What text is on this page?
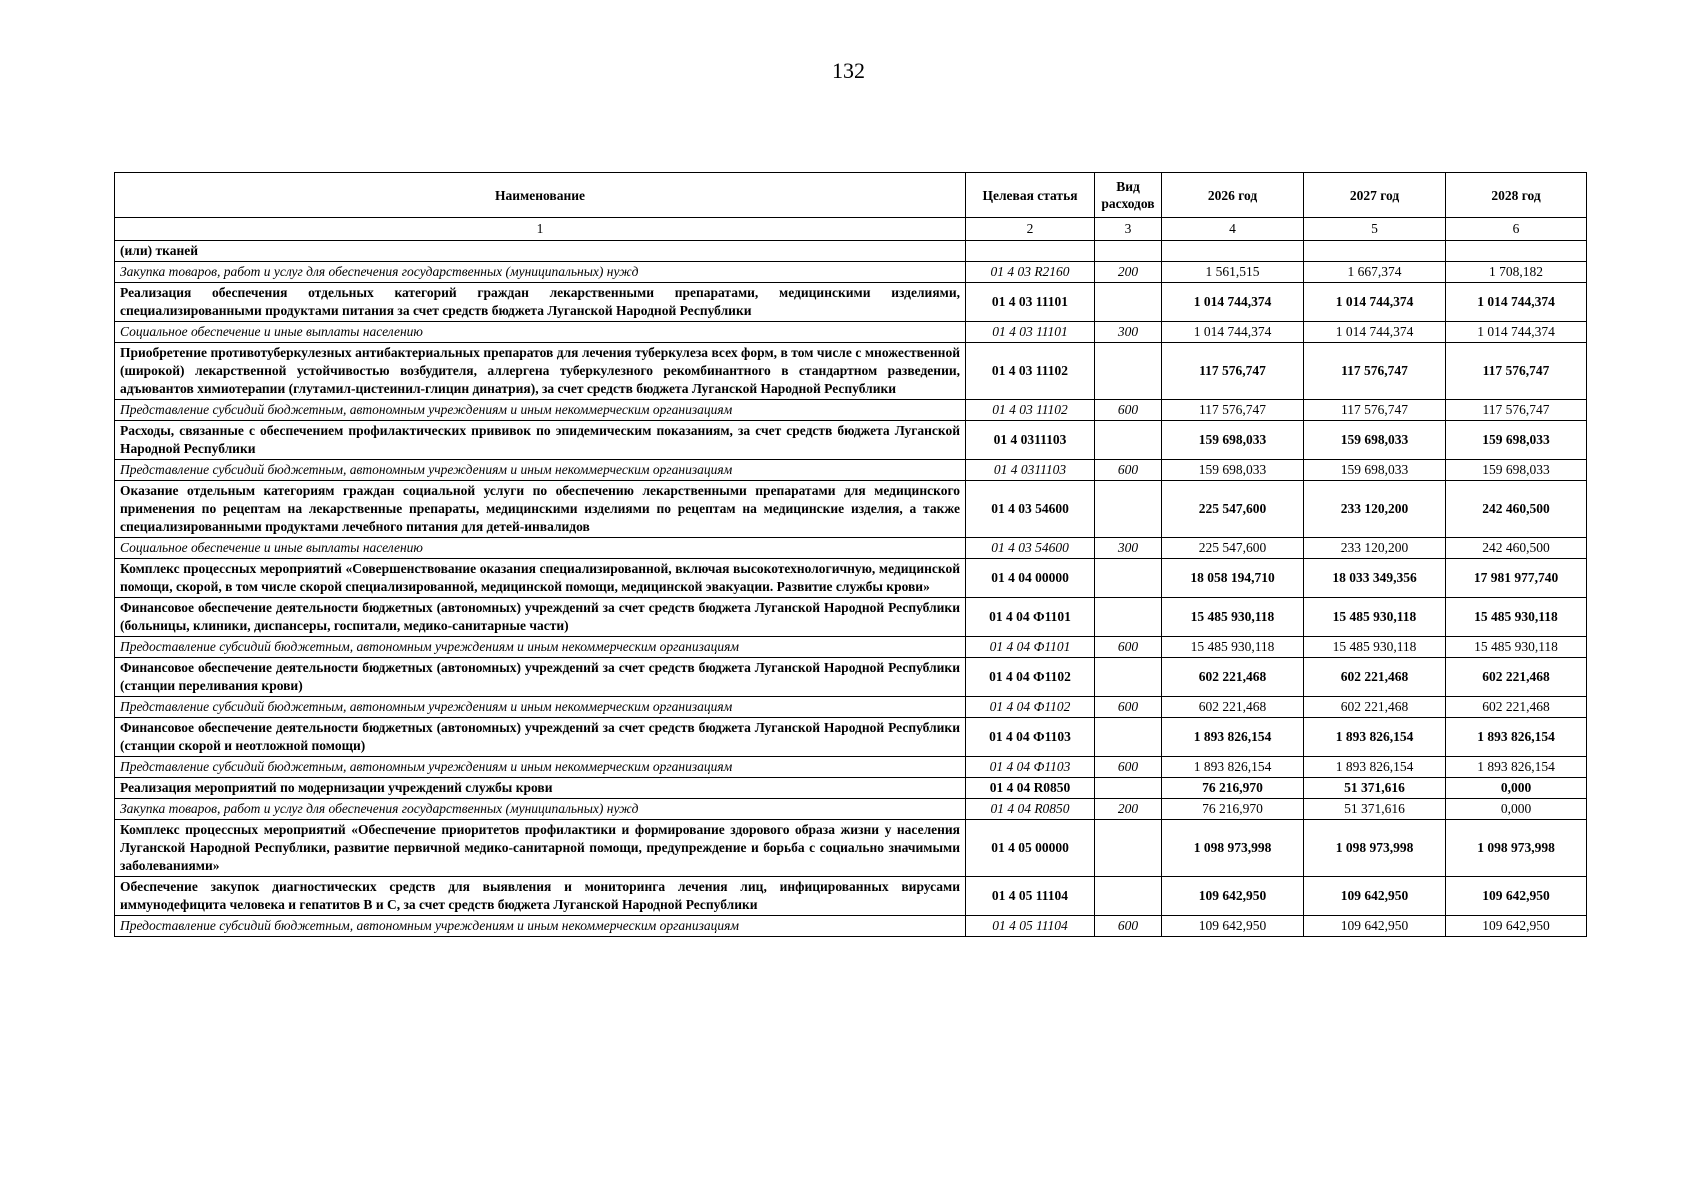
132
Наименование	Целевая статья	Вид расходов	2026 год	2027 год	2028 год
1	2	3	4	5	6
(или) тканей					
Закупка товаров, работ и услуг для обеспечения государственных (муниципальных) нужд	01 4 03 R2160	200	1 561,515	1 667,374	1 708,182
Реализация обеспечения отдельных категорий граждан лекарственными препаратами, медицинскими изделиями, специализированными продуктами питания за счет средств бюджета Луганской Народной Республики	01 4 03 11101		1 014 744,374	1 014 744,374	1 014 744,374
Социальное обеспечение и иные выплаты населению	01 4 03 11101	300	1 014 744,374	1 014 744,374	1 014 744,374
Приобретение противотуберкулезных антибактериальных препаратов для лечения туберкулеза всех форм, в том числе с множественной (широкой) лекарственной устойчивостью возбудителя, аллергена туберкулезного рекомбинантного в стандартном разведении, адъювантов химиотерапии (глутамил-цистеинил-глицин динатрия), за счет средств бюджета Луганской Народной Республики	01 4 03 11102		117 576,747	117 576,747	117 576,747
Представление субсидий бюджетным, автономным учреждениям и иным некоммерческим организациям	01 4 03 11102	600	117 576,747	117 576,747	117 576,747
Расходы, связанные с обеспечением профилактических прививок по эпидемическим показаниям, за счет средств бюджета Луганской Народной Республики	01 4 0311103		159 698,033	159 698,033	159 698,033
Представление субсидий бюджетным, автономным учреждениям и иным некоммерческим организациям	01 4 0311103	600	159 698,033	159 698,033	159 698,033
Оказание отдельным категориям граждан социальной услуги по обеспечению лекарственными препаратами для медицинского применения по рецептам на лекарственные препараты, медицинскими изделиями по рецептам на медицинские изделия, а также специализированными продуктами лечебного питания для детей-инвалидов	01 4 03 54600		225 547,600	233 120,200	242 460,500
Социальное обеспечение и иные выплаты населению	01 4 03 54600	300	225 547,600	233 120,200	242 460,500
Комплекс процессных мероприятий «Совершенствование оказания специализированной, включая высокотехнологичную, медицинской помощи, скорой, в том числе скорой специализированной, медицинской помощи, медицинской эвакуации. Развитие службы крови»	01 4 04 00000		18 058 194,710	18 033 349,356	17 981 977,740
Финансовое обеспечение деятельности бюджетных (автономных) учреждений за счет средств бюджета Луганской Народной Республики (больницы, клиники, диспансеры, госпитали, медико-санитарные части)	01 4 04 Ф1101		15 485 930,118	15 485 930,118	15 485 930,118
Предоставление субсидий бюджетным, автономным учреждениям и иным некоммерческим организациям	01 4 04 Ф1101	600	15 485 930,118	15 485 930,118	15 485 930,118
Финансовое обеспечение деятельности бюджетных (автономных) учреждений за счет средств бюджета Луганской Народной Республики (станции переливания крови)	01 4 04 Ф1102		602 221,468	602 221,468	602 221,468
Представление субсидий бюджетным, автономным учреждениям и иным некоммерческим организациям	01 4 04 Ф1102	600	602 221,468	602 221,468	602 221,468
Финансовое обеспечение деятельности бюджетных (автономных) учреждений за счет средств бюджета Луганской Народной Республики (станции скорой и неотложной помощи)	01 4 04 Ф1103		1 893 826,154	1 893 826,154	1 893 826,154
Представление субсидий бюджетным, автономным учреждениям и иным некоммерческим организациям	01 4 04 Ф1103	600	1 893 826,154	1 893 826,154	1 893 826,154
Реализация мероприятий по модернизации учреждений службы крови	01 4 04 R0850		76 216,970	51 371,616	0,000
Закупка товаров, работ и услуг для обеспечения государственных (муниципальных) нужд	01 4 04 R0850	200	76 216,970	51 371,616	0,000
Комплекс процессных мероприятий «Обеспечение приоритетов профилактики и формирование здорового образа жизни у населения Луганской Народной Республики, развитие первичной медико-санитарной помощи, предупреждение и борьба с социально значимыми заболеваниями»	01 4 05 00000		1 098 973,998	1 098 973,998	1 098 973,998
Обеспечение закупок диагностических средств для выявления и мониторинга лечения лиц, инфицированных вирусами иммунодефицита человека и гепатитов B и C, за счет средств бюджета Луганской Народной Республики	01 4 05 11104		109 642,950	109 642,950	109 642,950
Предоставление субсидий бюджетным, автономным учреждениям и иным некоммерческим организациям	01 4 05 11104	600	109 642,950	109 642,950	109 642,950
